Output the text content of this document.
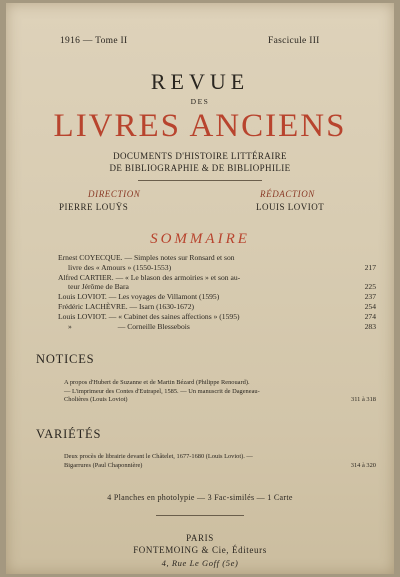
1916 — Tome II	Fascicule III
REVUE
DES
LIVRES ANCIENS
DOCUMENTS D'HISTOIRE LITTÉRAIRE
DE BIBLIOGRAPHIE & DE BIBLIOPHILIE
DIRECTION
PIERRE LOUŸS
RÉDACTION
LOUIS LOVIOT
SOMMAIRE
Ernest COYECQUE. — Simples notes sur Ronsard et son
livre des « Amours » (1550-1553)	217
Alfred CARTIER. — « Le blason des armoiries » et son au-
teur Jérôme de Bara	225
Louis LOVIOT. — Les voyages de Villamont (1595)	237
Frédéric LACHÈVRE. — Isarn (1630-1672)	254
Louis LOVIOT. — « Cabinet des saines affections » (1595)	274
»	— Corneille Blessebois	283
NOTICES
A propos d'Hubert de Suzanne et de Martin Bézard (Philippe Renouard).
— L'imprimeur des Contes d'Eutrapel, 1585. — Un manuscrit de Dageneau-
Cholières (Louis Loviot)	311 à 318
VARIÉTÉS
Deux procès de librairie devant le Châtelet, 1677-1680 (Louis Loviot). —
Bigarrures (Paul Chaponnière)	314 à 320
4 Planches en photolypie — 3 Fac-similés — 1 Carte
PARIS
FONTEMOING & Cie, Éditeurs
4, Rue Le Goff (5e)
